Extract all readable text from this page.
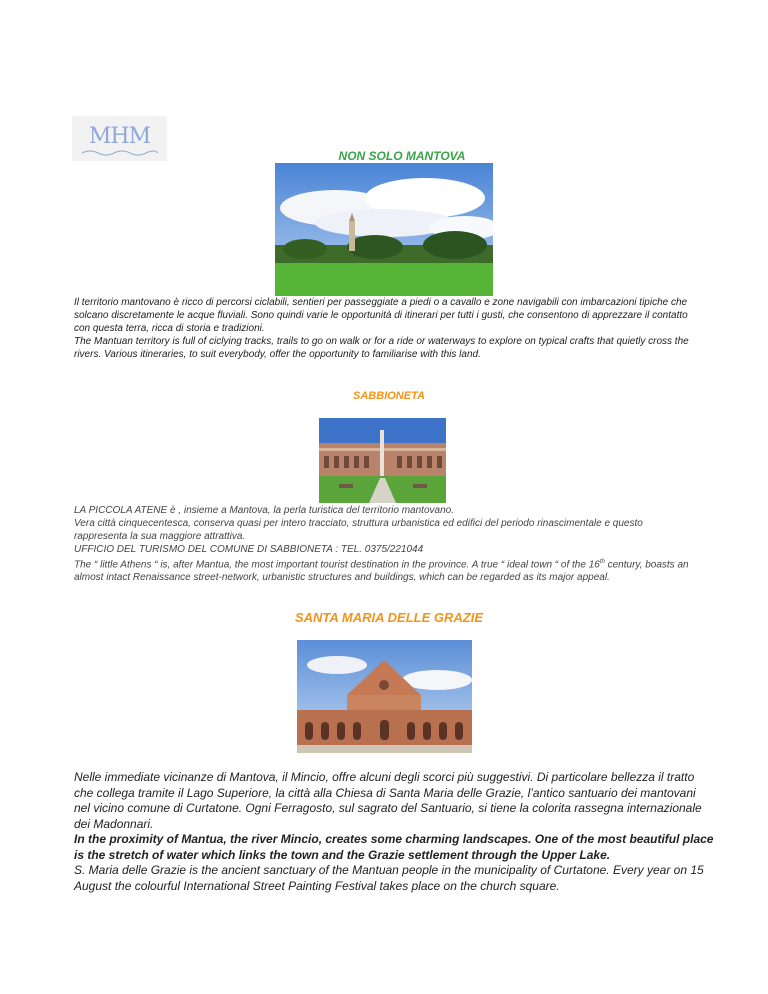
MHM
NON SOLO MANTOVA
Il territorio mantovano è ricco di percorsi ciclabili, sentieri per passeggiate a piedi o a cavallo e zone navigabili con imbarcazioni tipiche che solcano discretamente le acque fluviali. Sono quindi varie le opportunità di itinerari per tutti i gusti, che consentono di apprezzare il contatto con questa terra, ricca di storia e tradizioni.
The Mantuan territory is full of ciclying tracks, trails to go on walk or for a ride or waterways to explore on typical crafts that quietly cross the rivers. Various itineraries, to suit everybody, offer the opportunity to familiarise with this land.
SABBIONETA
LA PICCOLA ATENE è , insieme a Mantova, la perla turistica del territorio mantovano.
Vera città cinquecentesca, conserva quasi per intero tracciato, struttura urbanistica ed edifici del periodo rinascimentale e questo rappresenta la sua maggiore attrattiva.
UFFICIO DEL TURISMO DEL COMUNE DI SABBIONETA : TEL. 0375/221044
The “ little Athens “ is, after Mantua, the most important tourist destination in the province. A true “ ideal town “ of the 16th century, boasts an almost intact Renaissance street-network, urbanistic structures and buildings, which can be regarded as its major appeal.
SANTA MARIA DELLE GRAZIE
Nelle immediate vicinanze di Mantova, il Mincio, offre alcuni degli scorci più suggestivi. Di particolare bellezza il tratto che collega tramite il Lago Superiore, la città alla Chiesa di Santa Maria delle Grazie, l’antico santuario dei mantovani nel vicino comune di Curtatone. Ogni Ferragosto, sul sagrato del Santuario, si tiene la colorita rassegna internazionale dei Madonnari.
In the proximity of Mantua, the river Mincio, creates some charming landscapes. One of the most beautiful place is the stretch of water which links the town and the Grazie settlement through the Upper Lake.
S. Maria delle Grazie is the ancient sanctuary of the Mantuan people in the municipality of Curtatone. Every year on 15 August the colourful International Street Painting Festival takes place on the church square.
